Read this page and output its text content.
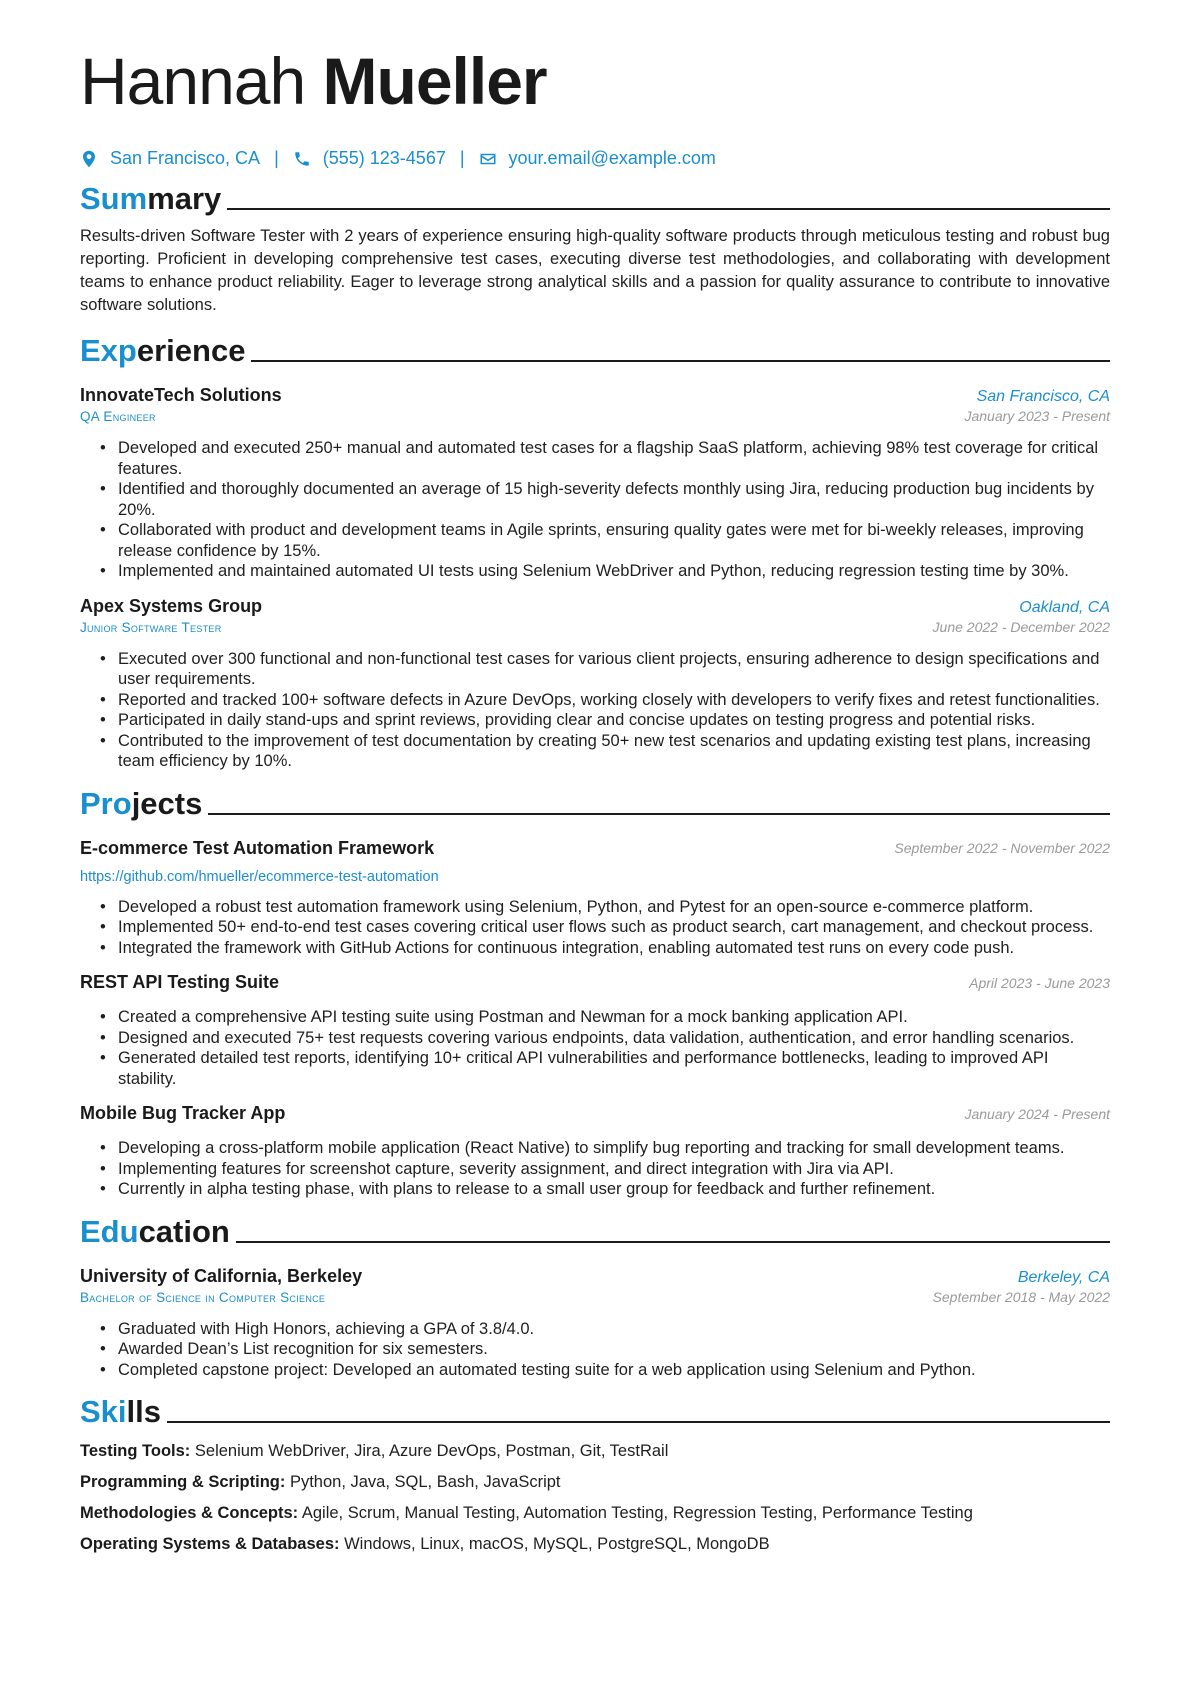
Hannah Mueller
San Francisco, CA | (555) 123-4567 | your.email@example.com
Summary

Results-driven Software Tester with 2 years of experience ensuring high-quality software products through meticulous testing and robust bug reporting. Proficient in developing comprehensive test cases, executing diverse test methodologies, and collaborating with development teams to enhance product reliability. Eager to leverage strong analytical skills and a passion for quality assurance to contribute to innovative software solutions.

Experience
InnovateTech Solutions	San Francisco, CA
QA Engineer	January 2023 - Present
• Developed and executed 250+ manual and automated test cases for a flagship SaaS platform, achieving 98% test coverage for critical features.
• Identified and thoroughly documented an average of 15 high-severity defects monthly using Jira, reducing production bug incidents by 20%.
• Collaborated with product and development teams in Agile sprints, ensuring quality gates were met for bi-weekly releases, improving release confidence by 15%.
• Implemented and maintained automated UI tests using Selenium WebDriver and Python, reducing regression testing time by 30%.
Apex Systems Group	Oakland, CA
Junior Software Tester	June 2022 - December 2022
• Executed over 300 functional and non-functional test cases for various client projects, ensuring adherence to design specifications and user requirements.
• Reported and tracked 100+ software defects in Azure DevOps, working closely with developers to verify fixes and retest functionalities.
• Participated in daily stand-ups and sprint reviews, providing clear and concise updates on testing progress and potential risks.
• Contributed to the improvement of test documentation by creating 50+ new test scenarios and updating existing test plans, increasing team efficiency by 10%.
Projects
E-commerce Test Automation Framework	September 2022 - November 2022
https://github.com/hmueller/ecommerce-test-automation
• Developed a robust test automation framework using Selenium, Python, and Pytest for an open-source e-commerce platform.
• Implemented 50+ end-to-end test cases covering critical user flows such as product search, cart management, and checkout process.
• Integrated the framework with GitHub Actions for continuous integration, enabling automated test runs on every code push.
REST API Testing Suite	April 2023 - June 2023
• Created a comprehensive API testing suite using Postman and Newman for a mock banking application API.
• Designed and executed 75+ test requests covering various endpoints, data validation, authentication, and error handling scenarios.
• Generated detailed test reports, identifying 10+ critical API vulnerabilities and performance bottlenecks, leading to improved API stability.
Mobile Bug Tracker App	January 2024 - Present
• Developing a cross-platform mobile application (React Native) to simplify bug reporting and tracking for small development teams.
• Implementing features for screenshot capture, severity assignment, and direct integration with Jira via API.
• Currently in alpha testing phase, with plans to release to a small user group for feedback and further refinement.
Education
University of California, Berkeley	Berkeley, CA
Bachelor of Science in Computer Science	September 2018 - May 2022
• Graduated with High Honors, achieving a GPA of 3.8/4.0.
• Awarded Dean’s List recognition for six semesters.
• Completed capstone project: Developed an automated testing suite for a web application using Selenium and Python.
Skills
Testing Tools: Selenium WebDriver, Jira, Azure DevOps, Postman, Git, TestRail
Programming & Scripting: Python, Java, SQL, Bash, JavaScript
Methodologies & Concepts: Agile, Scrum, Manual Testing, Automation Testing, Regression Testing, Performance Testing
Operating Systems & Databases: Windows, Linux, macOS, MySQL, PostgreSQL, MongoDB
